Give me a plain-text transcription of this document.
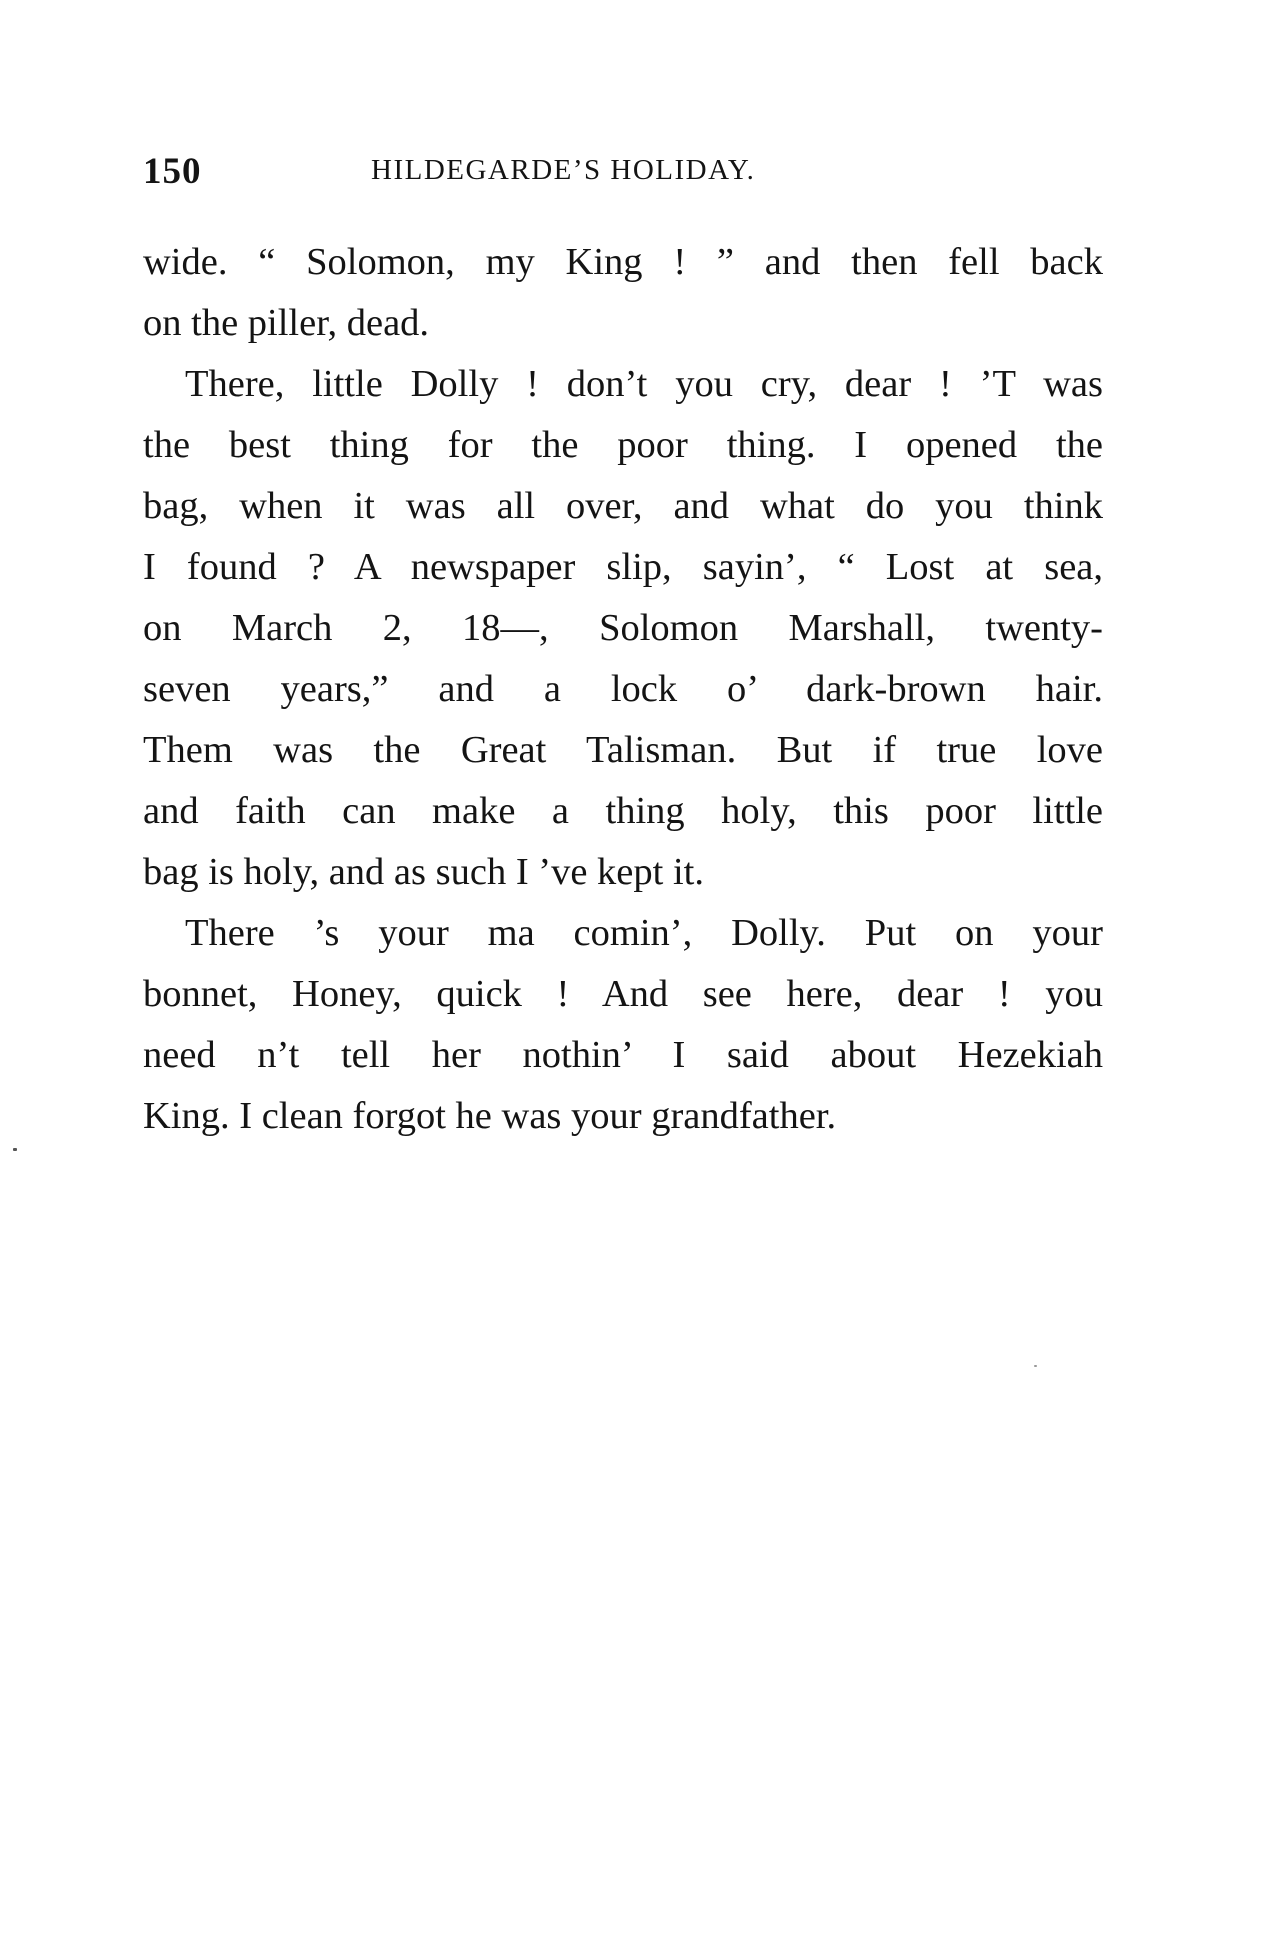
150	HILDEGARDE’S HOLIDAY.
wide. “ Solomon, my King ! ” and then fell back
on the piller, dead.
There, little Dolly ! don’t you cry, dear ! ’T was
the best thing for the poor thing. I opened the
bag, when it was all over, and what do you think
I found ? A newspaper slip, sayin’, “ Lost at sea,
on March 2, 18—, Solomon Marshall, twenty-
seven years,” and a lock o’ dark-brown hair.
Them was the Great Talisman. But if true love
and faith can make a thing holy, this poor little
bag is holy, and as such I ’ve kept it.
There ’s your ma comin’, Dolly. Put on your
bonnet, Honey, quick ! And see here, dear ! you
need n’t tell her nothin’ I said about Hezekiah
King. I clean forgot he was your grandfather.
